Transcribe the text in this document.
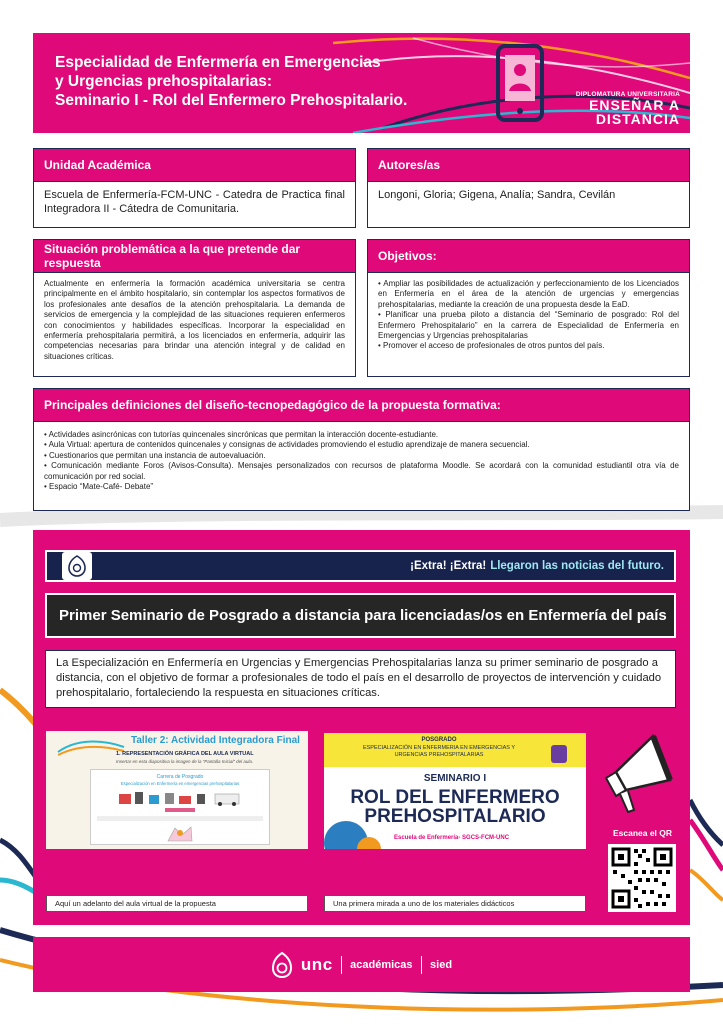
Especialidad de Enfermería en Emergencias
y Urgencias prehospitalarias:
Seminario I - Rol del Enfermero Prehospitalario.	DIPLOMATURA UNIVERSITARIA
ENSEÑAR A
DISTANCIA
Unidad Académica
Escuela de Enfermería-FCM-UNC - Catedra de Practica final Integradora II - Cátedra de Comunitaria.
Autores/as
Longoni, Gloria; Gigena, Analía; Sandra, Cevilán
Situación problemática a la que pretende dar respuesta
Actualmente en enfermería la formación académica universitaria se centra principalmente en el ámbito hospitalario, sin contemplar los aspectos formativos de los profesionales ante desafíos de la atención prehospitalaria. La demanda de servicios de emergencia y la complejidad de las situaciones requieren enfermeros con conocimientos y habilidades específicas. Incorporar la especialidad en enfermería prehospitalaria permitirá, a los licenciados en enfermería, adquirir las competencias necesarias para brindar una atención integral y de calidad en situaciones críticas.
Objetivos:
• Ampliar las posibilidades de actualización y perfeccionamiento de los Licenciados en Enfermería en el área de la atención de urgencias y emergencias prehospitalarias, mediante la creación de una propuesta desde la EaD.
• Planificar una prueba piloto a distancia del “Seminario de posgrado: Rol del Enfermero Prehospitalario” en la carrera de Especialidad de Enfermería en Emergencias y Urgencias prehospitalarias
• Promover el acceso de profesionales de otros puntos del país.
Principales definiciones del diseño-tecnopedagógico de la propuesta formativa:
• Actividades asincrónicas con tutorías quincenales sincrónicas que permitan la interacción docente-estudiante.
• Aula Virtual: apertura de contenidos quincenales y consignas de actividades promoviendo el estudio aprendizaje de manera secuencial.
• Cuestionarios que permitan una instancia de autoevaluación.
• Comunicación mediante Foros (Avisos-Consulta). Mensajes personalizados con recursos de plataforma Moodle. Se acordará con la comunidad estudiantil otra vía de comunicación por red social.
• Espacio “Mate-Café- Debate”
¡Extra! ¡Extra! Llegaron las noticias del futuro.
Primer Seminario de Posgrado a distancia para licenciadas/os en Enfermería del país
La Especialización en Enfermería en Urgencias y Emergencias Prehospitalarias lanza su primer seminario de posgrado a distancia, con el objetivo de formar a profesionales de todo el país en el desarrollo de proyectos de intervención y cuidado prehospitalario, fortaleciendo la respuesta en situaciones críticas.
Taller 2: Actividad Integradora Final
1. REPRESENTACIÓN GRÁFICA DEL AULA VIRTUAL
Insertar en esta diapositiva la imagen de la “Pantalla Inicial” del aula.
Carrera de Posgrado
Especialización en Enfermería en emergencias prehospitalarias
Aquí un adelanto del aula virtual de la propuesta
POSGRADO
ESPECIALIZACIÓN EN ENFERMERIA EN EMERGENCIAS Y
URGENCIAS PREHOSPITALARIAS
SEMINARIO I
ROL DEL ENFERMERO
PREHOSPITALARIO
Escuela de Enfermería- SGCS-FCM-UNC
Una primera mirada a uno de los materiales didácticos
Escanea el QR
unc académicas sied
